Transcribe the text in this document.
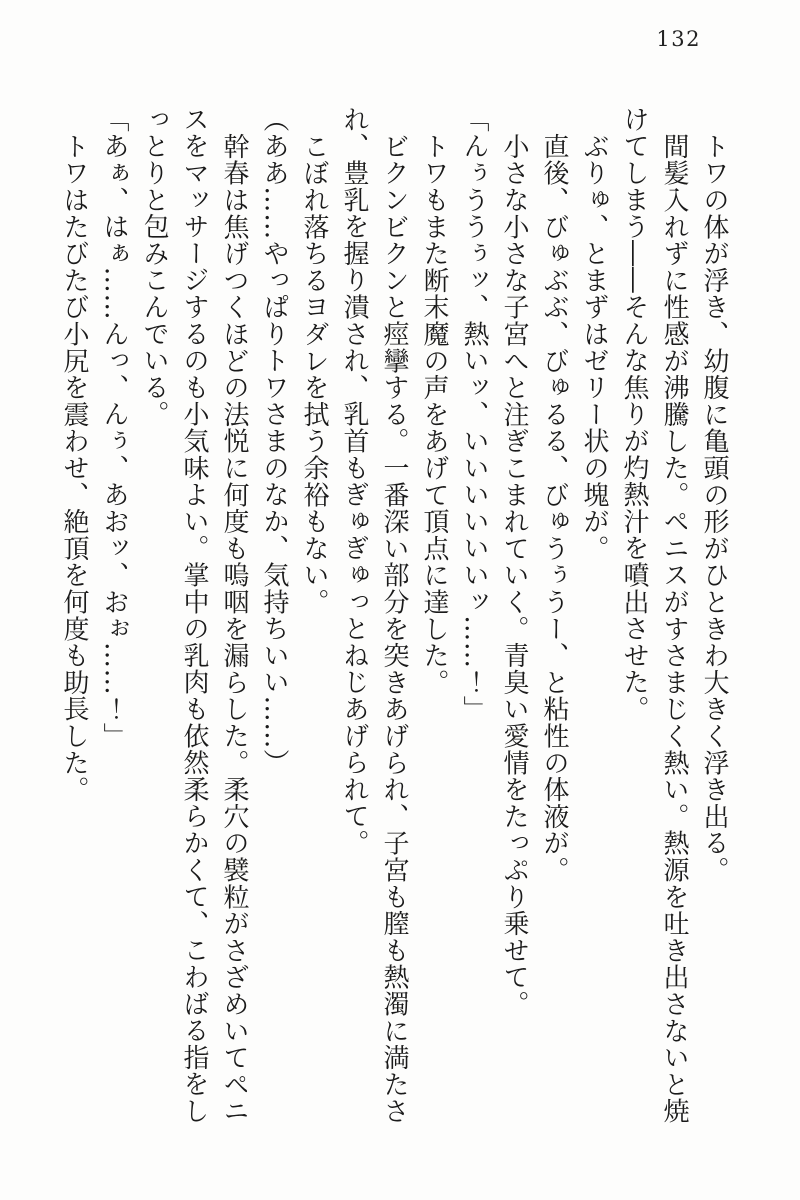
132
トワの体が浮き、幼腹に亀頭の形がひときわ大きく浮き出る。
間髪入れずに性感が沸騰した。ペニスがすさまじく熱い。熱源を吐き出さないと焼
けてしまう――そんな焦りが灼熱汁を噴出させた。
ぶりゅ、とまずはゼリー状の塊が。
直後、びゅぶぶ、びゅるる、びゅうぅうー、と粘性の体液が。
小さな小さな子宮へと注ぎこまれていく。青臭い愛情をたっぷり乗せて。
「んぅううぅッ、熱いッ、いいいいいいッ……！」
トワもまた断末魔の声をあげて頂点に達した。
ビクンビクンと痙攣する。一番深い部分を突きあげられ、子宮も膣も熱濁に満たさ
れ、豊乳を握り潰され、乳首もぎゅぎゅっとねじあげられて。
こぼれ落ちるヨダレを拭う余裕もない。
（ああ……やっぱりトワさまのなか、気持ちいい……）
幹春は焦げつくほどの法悦に何度も嗚咽を漏らした。柔穴の襞粒がさざめいてペニ
スをマッサージするのも小気味よい。掌中の乳肉も依然柔らかくて、こわばる指をし
っとりと包みこんでいる。
「あぁ、はぁ……んっ、んぅ、あおッ、おぉ……！」
トワはたびたび小尻を震わせ、絶頂を何度も助長した。
